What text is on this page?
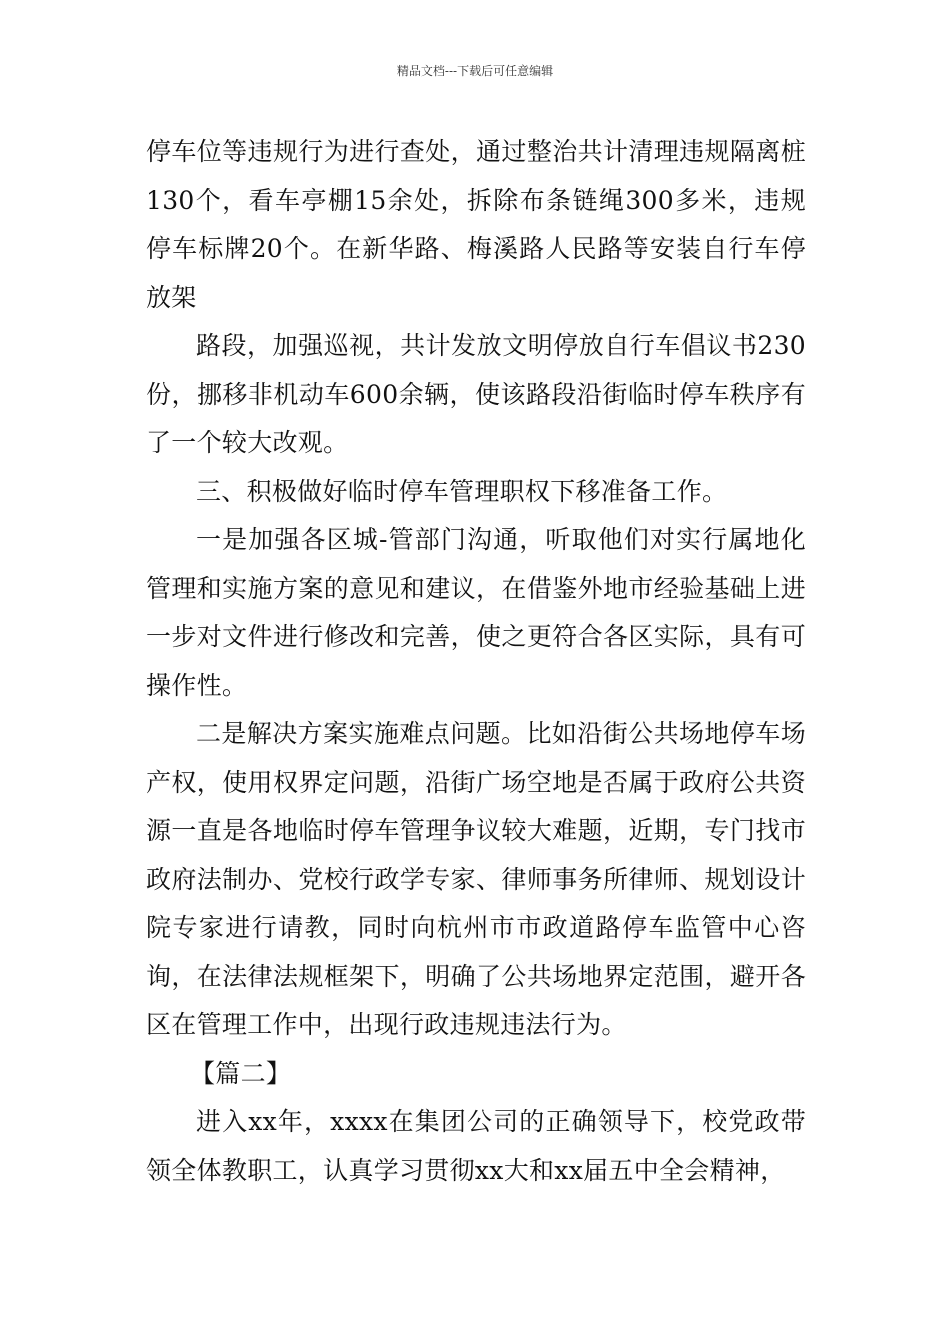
精品文档---下载后可任意编辑

停车位等违规行为进行查处，通过整治共计清理违规隔离桩130个，看车亭棚15余处，拆除布条链绳300多米，违规停车标牌20个。在新华路、梅溪路人民路等安装自行车停放架

路段，加强巡视，共计发放文明停放自行车倡议书230份，挪移非机动车600余辆，使该路段沿街临时停车秩序有了一个较大改观。

三、积极做好临时停车管理职权下移准备工作。

一是加强各区城-管部门沟通，听取他们对实行属地化管理和实施方案的意见和建议，在借鉴外地市经验基础上进一步对文件进行修改和完善，使之更符合各区实际，具有可操作性。

二是解决方案实施难点问题。比如沿街公共场地停车场产权，使用权界定问题，沿街广场空地是否属于政府公共资源一直是各地临时停车管理争议较大难题，近期，专门找市政府法制办、党校行政学专家、律师事务所律师、规划设计院专家进行请教，同时向杭州市市政道路停车监管中心咨询，在法律法规框架下，明确了公共场地界定范围，避开各区在管理工作中，出现行政违规违法行为。

【篇二】

进入xx年，xxxx在集团公司的正确领导下，校党政带领全体教职工，认真学习贯彻xx大和xx届五中全会精神，
